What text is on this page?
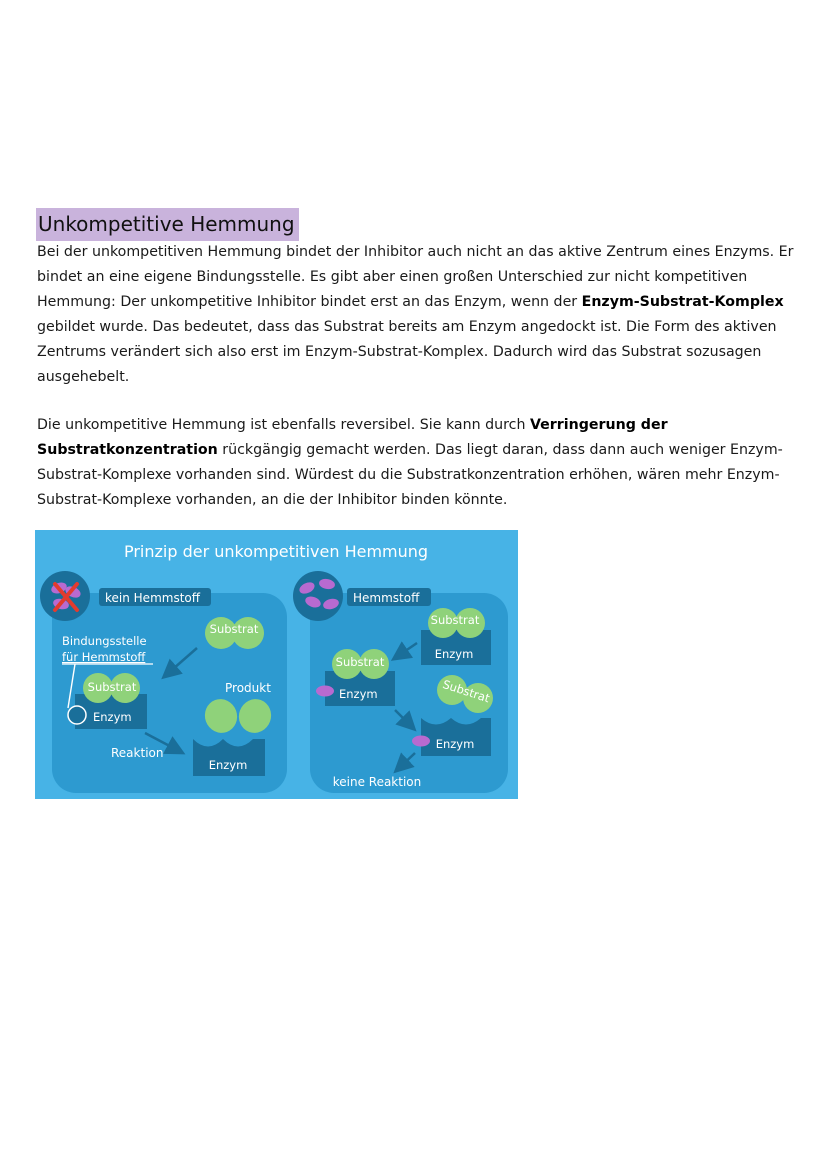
Unkompetitive Hemmung

Bei der unkompetitiven Hemmung bindet der Inhibitor auch nicht an das aktive Zentrum eines Enzyms. Er bindet an eine eigene Bindungsstelle. Es gibt aber einen großen Unterschied zur nicht kompetitiven Hemmung: Der unkompetitive Inhibitor bindet erst an das Enzym, wenn der Enzym-Substrat-Komplex gebildet wurde. Das bedeutet, dass das Substrat bereits am Enzym angedockt ist. Die Form des aktiven Zentrums verändert sich also erst im Enzym-Substrat-Komplex. Dadurch wird das Substrat sozusagen ausgehebelt.

Die unkompetitive Hemmung ist ebenfalls reversibel. Sie kann durch Verringerung der Substratkonzentration rückgängig gemacht werden. Das liegt daran, dass dann auch weniger Enzym-Substrat-Komplexe vorhanden sind. Würdest du die Substratkonzentration erhöhen, wären mehr Enzym-Substrat-Komplexe vorhanden, an die der Inhibitor binden könnte.

Prinzip der unkompetitiven Hemmung
kein Hemmstoff
Bindungsstelle
für Hemmstoff
Substrat
Substrat
Enzym
Reaktion
Produkt
Enzym
Hemmstoff
Substrat
Enzym
Substrat
Enzym	Substrat
Enzym
keine Reaktion
